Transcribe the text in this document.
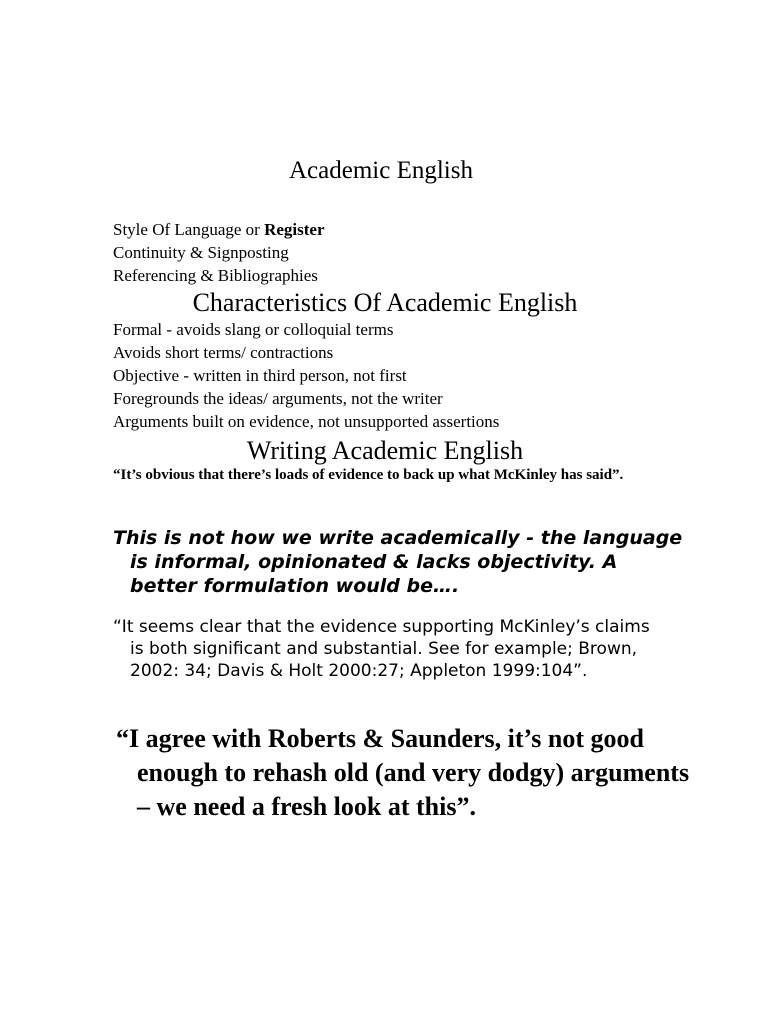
Academic English
Style Of Language or Register
Continuity & Signposting
Referencing & Bibliographies
Characteristics Of Academic English
Formal - avoids slang or colloquial terms
Avoids short terms/ contractions
Objective - written in third person, not first
Foregrounds the ideas/ arguments, not the writer
Arguments built on evidence, not unsupported assertions
Writing Academic English
“It’s obvious that there’s loads of evidence to back up what McKinley has said”.
This is not how we write academically - the language is informal, opinionated & lacks objectivity. A better formulation would be….
“It seems clear that the evidence supporting McKinley’s claims is both significant and substantial. See for example; Brown, 2002: 34; Davis & Holt 2000:27; Appleton 1999:104”.
“I agree with Roberts & Saunders, it’s not good enough to rehash old (and very dodgy) arguments – we need a fresh look at this”.
